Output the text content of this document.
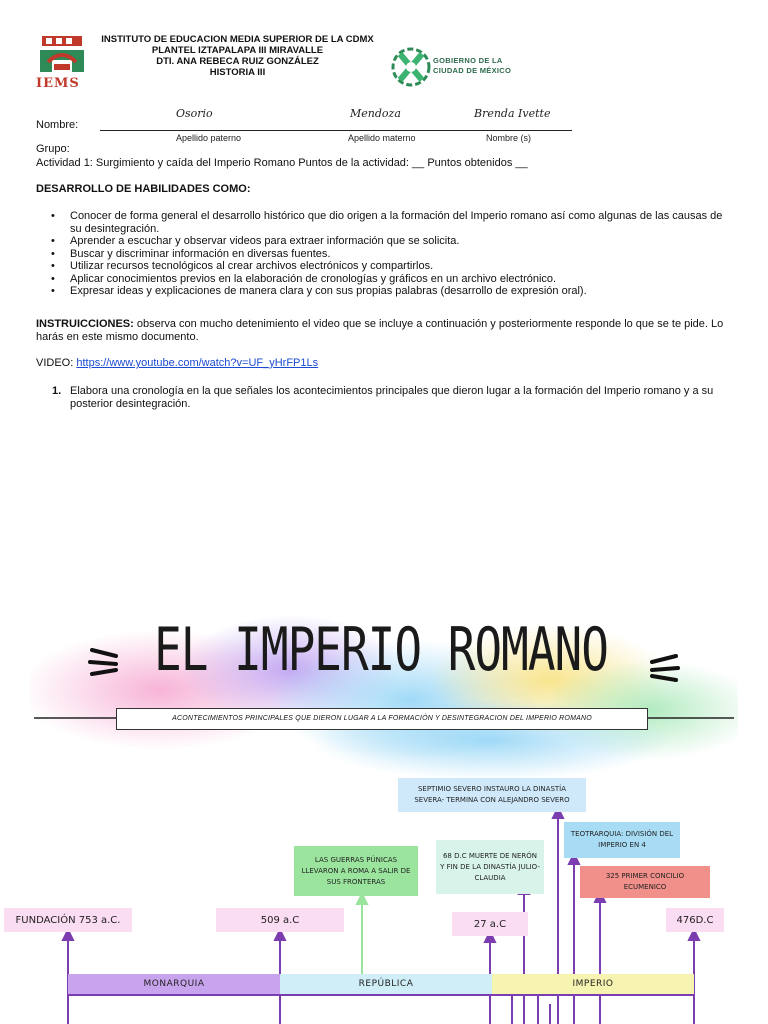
IEMS
INSTITUTO DE EDUCACION MEDIA SUPERIOR DE LA CDMX
PLANTEL IZTAPALAPA III MIRAVALLE
DTI. ANA REBECA RUIZ GONZÁLEZ
HISTORIA III
GOBIERNO DE LA
CIUDAD DE MÉXICO
Osorio	Mendoza	Brenda Ivette
Nombre:
Apellido paterno	Apellido materno	Nombre (s)
Grupo:
Actividad 1: Surgimiento y caída del Imperio Romano Puntos de la actividad: __ Puntos obtenidos __
DESARROLLO DE HABILIDADES COMO:
• Conocer de forma general el desarrollo histórico que dio origen a la formación del Imperio romano así como algunas de las causas de su desintegración.
• Aprender a escuchar y observar videos para extraer información que se solicita.
• Buscar y discriminar información en diversas fuentes.
• Utilizar recursos tecnológicos al crear archivos electrónicos y compartirlos.
• Aplicar conocimientos previos en la elaboración de cronologías y gráficos en un archivo electrónico.
• Expresar ideas y explicaciones de manera clara y con sus propias palabras (desarrollo de expresión oral).
INSTRUICCIONES: observa con mucho detenimiento el video que se incluye a continuación y posteriormente responde lo que se te pide. Lo harás en este mismo documento.
VIDEO: https://www.youtube.com/watch?v=UF_yHrFP1Ls
1. Elabora una cronología en la que señales los acontecimientos principales que dieron lugar a la formación del Imperio romano y a su posterior desintegración.
EL IMPERIO ROMANO
ACONTECIMIENTOS PRINCIPALES QUE DIERON LUGAR A LA FORMACIÓN Y DESINTEGRACION DEL IMPERIO ROMANO
MONARQUIA	REPÚBLICA	IMPERIO
FUNDACIÓN 753 a.C.	509 a.C	27 a.C	476D.C
LAS GUERRAS PÚNICAS LLEVARON A ROMA A SALIR DE SUS FRONTERAS
68 D.C MUERTE DE NERÓN Y FIN DE LA DINASTÍA JULIO-CLAUDIA
SEPTIMIO SEVERO INSTAURO LA DINASTÍA SEVERA- TERMINA CON ALEJANDRO SEVERO
TEOTRARQUIA: DIVISIÓN DEL IMPERIO EN 4
325 PRIMER CONCILIO ECUMENICO
